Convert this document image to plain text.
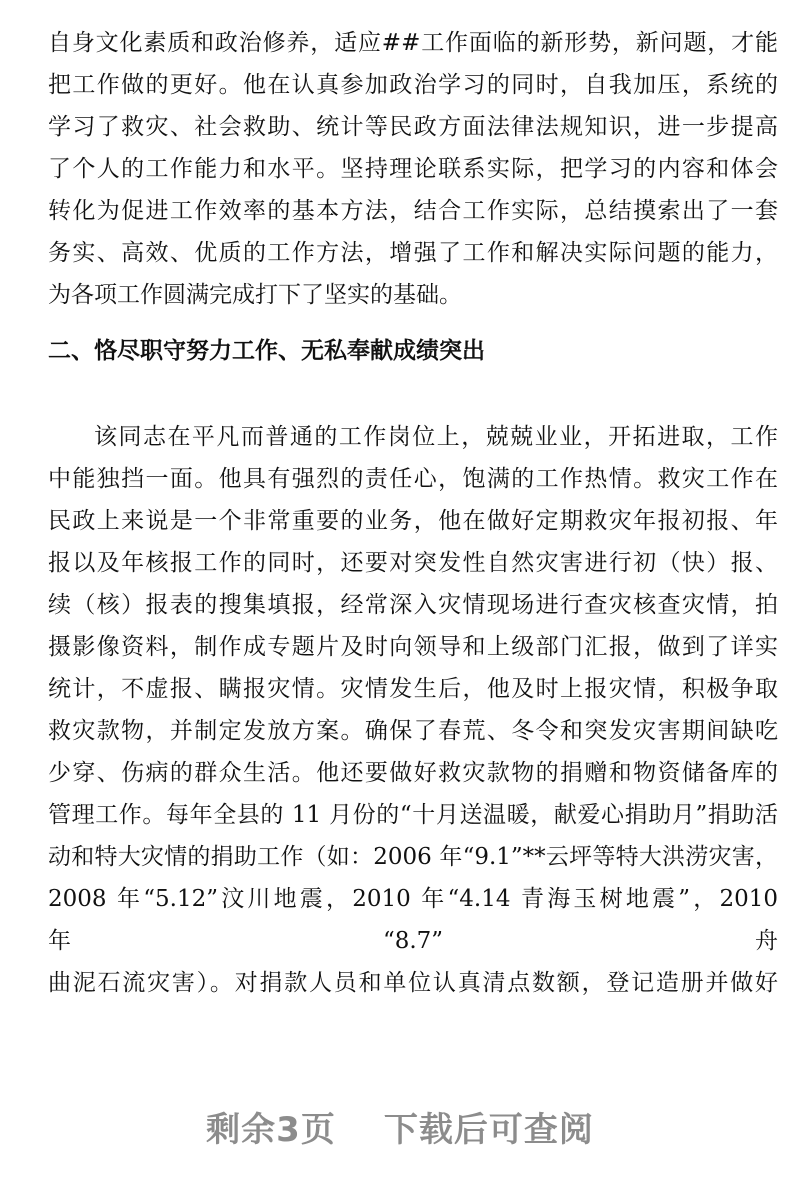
自身文化素质和政治修养，适应##工作面临的新形势，新问题，才能
把工作做的更好。他在认真参加政治学习的同时，自我加压，系统的
学习了救灾、社会救助、统计等民政方面法律法规知识，进一步提高
了个人的工作能力和水平。坚持理论联系实际，把学习的内容和体会
转化为促进工作效率的基本方法，结合工作实际，总结摸索出了一套
务实、高效、优质的工作方法，增强了工作和解决实际问题的能力，
为各项工作圆满完成打下了坚实的基础。
二、恪尽职守努力工作、无私奉献成绩突出
该同志在平凡而普通的工作岗位上，兢兢业业，开拓进取，工作
中能独挡一面。他具有强烈的责任心，饱满的工作热情。救灾工作在
民政上来说是一个非常重要的业务，他在做好定期救灾年报初报、年
报以及年核报工作的同时，还要对突发性自然灾害进行初（快）报、
续（核）报表的搜集填报，经常深入灾情现场进行查灾核查灾情，拍
摄影像资料，制作成专题片及时向领导和上级部门汇报，做到了详实
统计，不虚报、瞒报灾情。灾情发生后，他及时上报灾情，积极争取
救灾款物，并制定发放方案。确保了春荒、冬令和突发灾害期间缺吃
少穿、伤病的群众生活。他还要做好救灾款物的捐赠和物资储备库的
管理工作。每年全县的 11 月份的“十月送温暖，献爱心捐助月”捐助活
动和特大灾情的捐助工作（如：2006 年“9.1”**云坪等特大洪涝灾害，
2008 年“5.12”汶川地震，2010 年“4.14 青海玉树地震”，2010 年“8.7”舟
曲泥石流灾害）。对捐款人员和单位认真清点数额，登记造册并做好
剩余3页 下载后可查阅
